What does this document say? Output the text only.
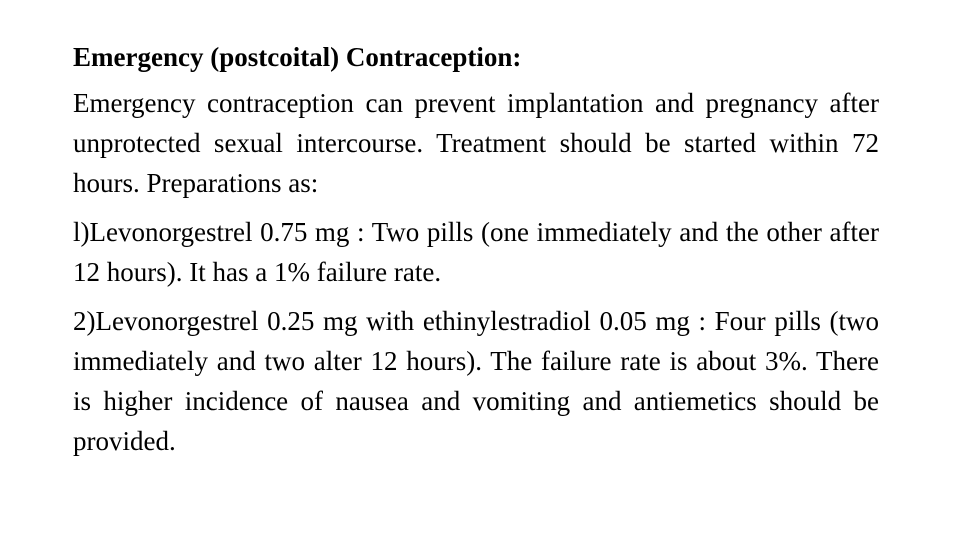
Emergency (postcoital) Contraception:
Emergency contraception can prevent implantation and pregnancy after unprotected sexual intercourse. Treatment should be started within 72 hours. Preparations as:
l)Levonorgestrel 0.75 mg : Two pills (one immediately and the other after 12 hours). It has a 1% failure rate.
2)Levonorgestrel 0.25 mg with ethinylestradiol 0.05 mg : Four pills (two immediately and two alter 12 hours). The failure rate is about 3%. There is higher incidence of nausea and vomiting and antiemetics should be provided.
